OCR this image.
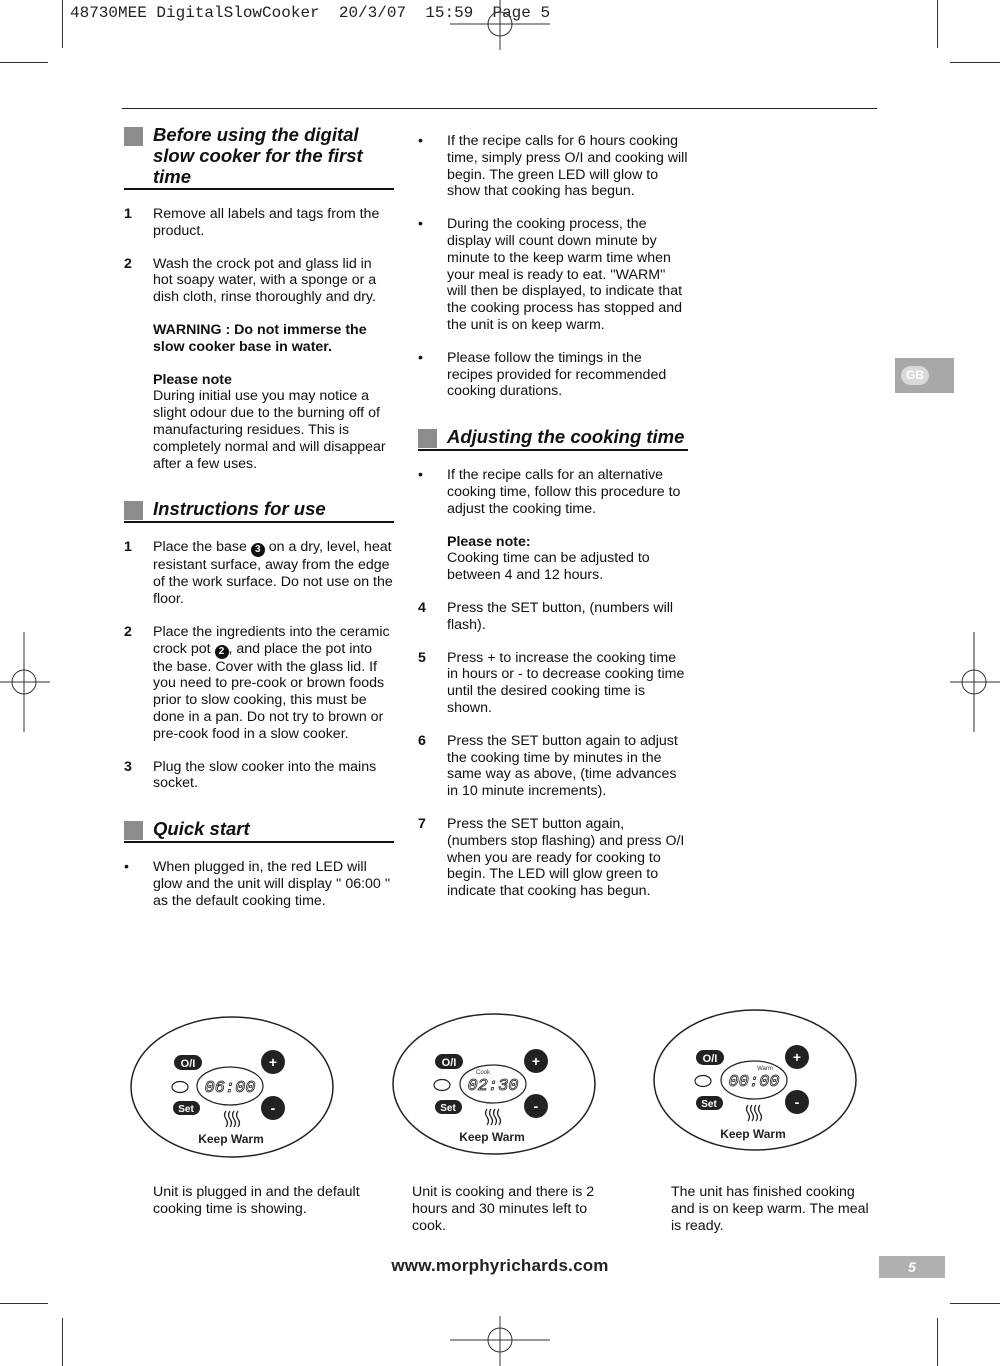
48730MEE DigitalSlowCooker  20/3/07  15:59  Page 5
Before using the digital slow cooker for the first time
1	Remove all labels and tags from the product.
2	Wash the crock pot and glass lid in hot soapy water, with a sponge or a dish cloth, rinse thoroughly and dry.
WARNING : Do not immerse the slow cooker base in water.
Please note
During initial use you may notice a slight odour due to the burning off of manufacturing residues. This is completely normal and will disappear after a few uses.
Instructions for use
1	Place the base 3 on a dry, level, heat resistant surface, away from the edge of the work surface. Do not use on the floor.
2	Place the ingredients into the ceramic crock pot 2 , and place the pot into the base. Cover with the glass lid. If you need to pre-cook or brown foods prior to slow cooking, this must be done in a pan. Do not try to brown or pre-cook food in a slow cooker.
3	Plug the slow cooker into the mains socket.
Quick start
•	When plugged in, the red LED will glow and the unit will display '' 06:00 '' as the default cooking time.
•	If the recipe calls for 6 hours cooking time, simply press O/I and cooking will begin. The green LED will glow to show that cooking has begun.
•	During the cooking process, the display will count down minute by minute to the keep warm time when your meal is ready to eat. ''WARM'' will then be displayed, to indicate that the cooking process has stopped and the unit is on keep warm.
•	Please follow the timings in the recipes provided for recommended cooking durations.
Adjusting the cooking time
•	If the recipe calls for an alternative cooking time, follow this procedure to adjust the cooking time.
Please note:
Cooking time can be adjusted to between 4 and 12 hours.
4	Press the SET button, (numbers will flash).
5	Press + to increase the cooking time in hours or - to decrease cooking time until the desired cooking time is shown.
6	Press the SET button again to adjust the cooking time by minutes in the same way as above, (time advances in 10 minute increments).
7	Press the SET button again, (numbers stop flashing) and press O/I when you are ready for cooking to begin. The LED will glow green to indicate that cooking has begun.
GB
O/I	+
06:00
Set	-
Keep Warm
O/I	+
Cook
02:30
Set	-
Keep Warm
O/I	+
Warm
00:00
Set	-
Keep Warm
Unit is plugged in and the default cooking time is showing.
Unit is cooking and there is 2 hours and 30 minutes left to cook.
The unit has finished cooking and is on keep warm. The meal is ready.
www.morphyrichards.com	5
